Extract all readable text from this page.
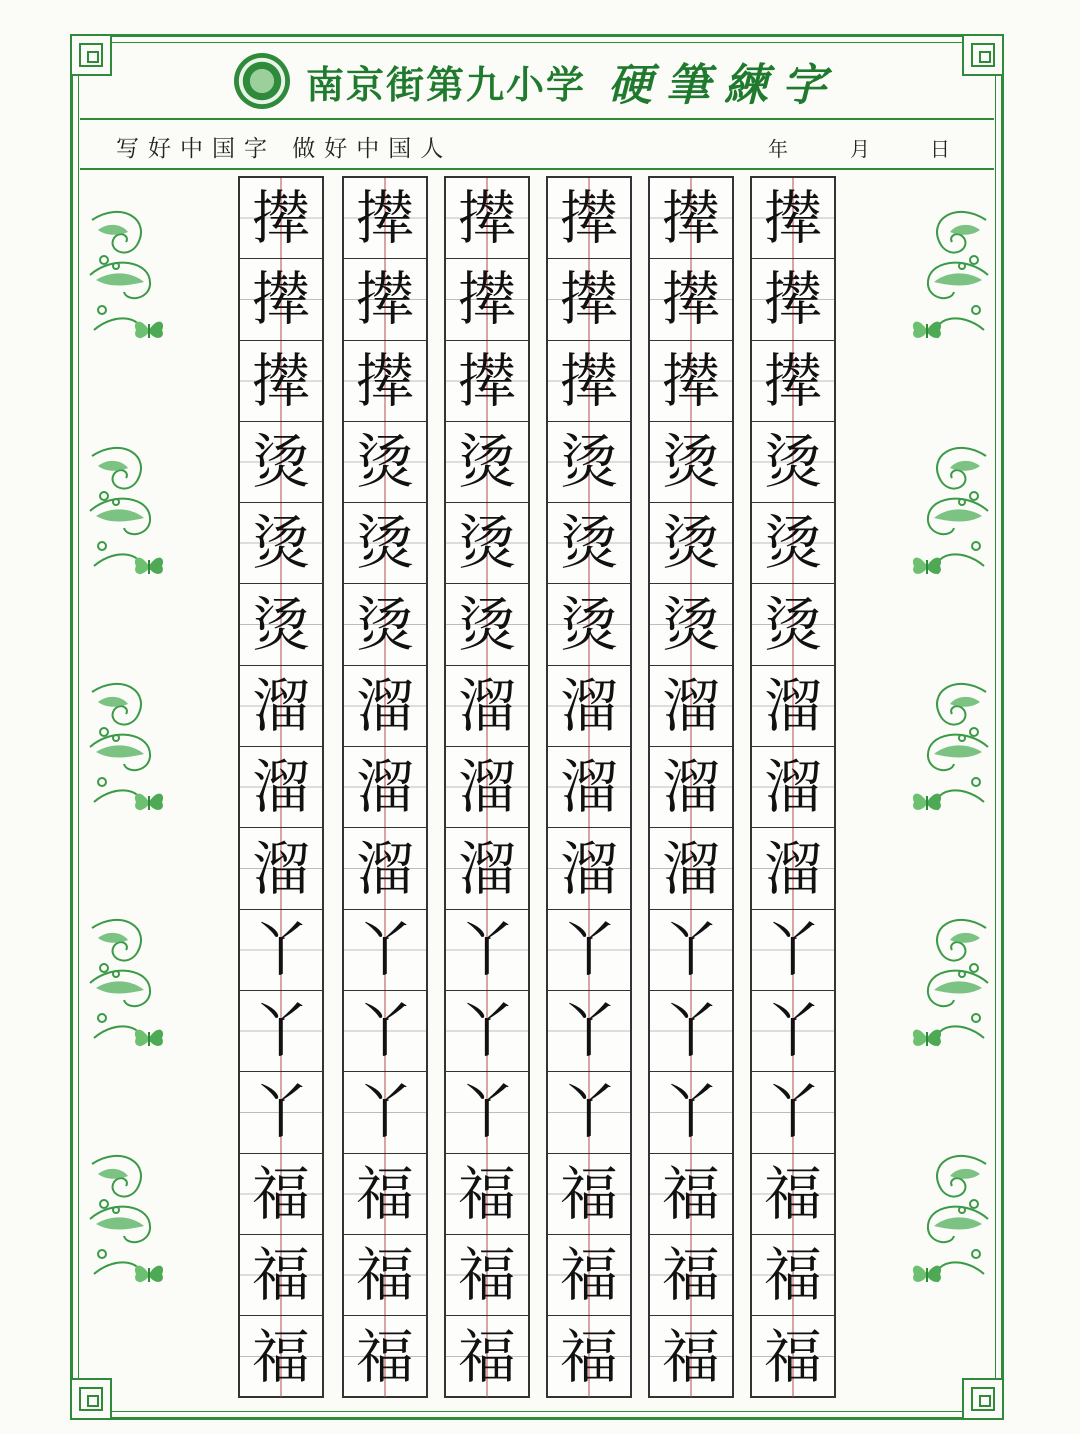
南京街第九小学 硬筆練字
写好中国字 做好中国人	年	月	日
撵
撵
撵
烫
烫
烫
溜
溜
溜
丫
丫
丫
福
福
福
撵
撵
撵
烫
烫
烫
溜
溜
溜
丫
丫
丫
福
福
福
撵
撵
撵
烫
烫
烫
溜
溜
溜
丫
丫
丫
福
福
福
撵
撵
撵
烫
烫
烫
溜
溜
溜
丫
丫
丫
福
福
福
撵
撵
撵
烫
烫
烫
溜
溜
溜
丫
丫
丫
福
福
福
撵
撵
撵
烫
烫
烫
溜
溜
溜
丫
丫
丫
福
福
福
